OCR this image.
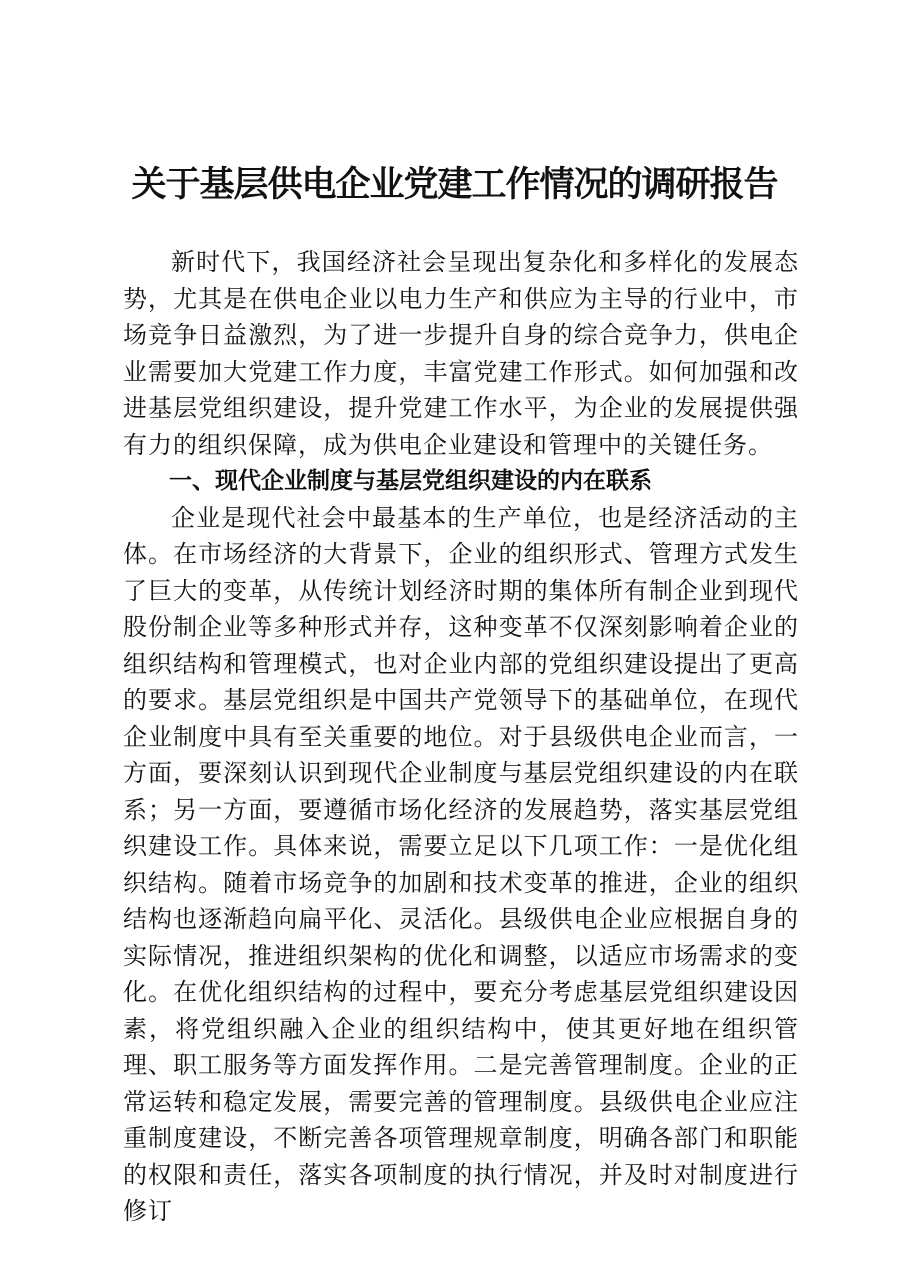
关于基层供电企业党建工作情况的调研报告

新时代下，我国经济社会呈现出复杂化和多样化的发展态势，尤其是在供电企业以电力生产和供应为主导的行业中，市场竞争日益激烈，为了进一步提升自身的综合竞争力，供电企业需要加大党建工作力度，丰富党建工作形式。如何加强和改进基层党组织建设，提升党建工作水平，为企业的发展提供强有力的组织保障，成为供电企业建设和管理中的关键任务。

一、现代企业制度与基层党组织建设的内在联系

企业是现代社会中最基本的生产单位，也是经济活动的主体。在市场经济的大背景下，企业的组织形式、管理方式发生了巨大的变革，从传统计划经济时期的集体所有制企业到现代股份制企业等多种形式并存，这种变革不仅深刻影响着企业的组织结构和管理模式，也对企业内部的党组织建设提出了更高的要求。基层党组织是中国共产党领导下的基础单位，在现代企业制度中具有至关重要的地位。对于县级供电企业而言，一方面，要深刻认识到现代企业制度与基层党组织建设的内在联系；另一方面，要遵循市场化经济的发展趋势，落实基层党组织建设工作。具体来说，需要立足以下几项工作：一是优化组织结构。随着市场竞争的加剧和技术变革的推进，企业的组织结构也逐渐趋向扁平化、灵活化。县级供电企业应根据自身的实际情况，推进组织架构的优化和调整，以适应市场需求的变化。在优化组织结构的过程中，要充分考虑基层党组织建设因素，将党组织融入企业的组织结构中，使其更好地在组织管理、职工服务等方面发挥作用。二是完善管理制度。企业的正常运转和稳定发展，需要完善的管理制度。县级供电企业应注重制度建设，不断完善各项管理规章制度，明确各部门和职能的权限和责任，落实各项制度的执行情况，并及时对制度进行修订
